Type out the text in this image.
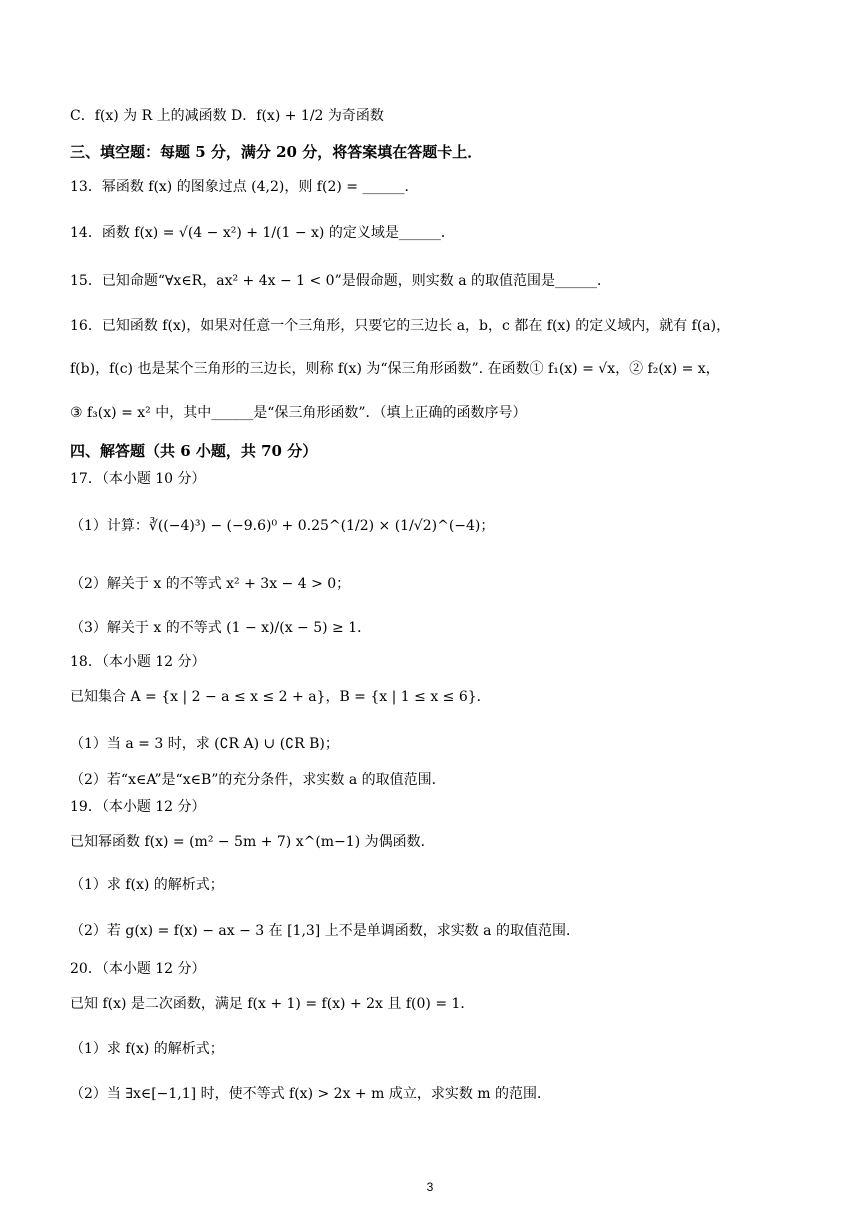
C．f(x) 为 R 上的减函数 D．f(x) + 1/2 为奇函数
三、填空题：每题 5 分，满分 20 分，将答案填在答题卡上．
13．幂函数 f(x) 的图象过点 (4,2)，则 f(2) = ______．
14．函数 f(x) = √(4 − x²) + 1/(1 − x) 的定义域是______．
15．已知命题“∀x∈R，ax² + 4x − 1 < 0”是假命题，则实数 a 的取值范围是______．
16．已知函数 f(x)，如果对任意一个三角形，只要它的三边长 a，b，c 都在 f(x) 的定义域内，就有 f(a)，
f(b)，f(c) 也是某个三角形的三边长，则称 f(x) 为“保三角形函数”. 在函数① f₁(x) = √x，② f₂(x) = x，
③ f₃(x) = x² 中，其中______是“保三角形函数”．（填上正确的函数序号）
四、解答题（共 6 小题，共 70 分）
17．（本小题 10 分）
（1）计算：∛((−4)³) − (−9.6)⁰ + 0.25^(1/2) × (1/√2)^(−4)；
（2）解关于 x 的不等式 x² + 3x − 4 > 0；
（3）解关于 x 的不等式 (1 − x)/(x − 5) ≥ 1．
18．（本小题 12 分）
已知集合 A = {x | 2 − a ≤ x ≤ 2 + a}，B = {x | 1 ≤ x ≤ 6}．
（1）当 a = 3 时，求 (∁R A) ∪ (∁R B)；
（2）若“x∈A”是“x∈B”的充分条件，求实数 a 的取值范围．
19．（本小题 12 分）
已知幂函数 f(x) = (m² − 5m + 7) x^(m−1) 为偶函数．
（1）求 f(x) 的解析式；
（2）若 g(x) = f(x) − ax − 3 在 [1,3] 上不是单调函数，求实数 a 的取值范围．
20．（本小题 12 分）
已知 f(x) 是二次函数，满足 f(x + 1) = f(x) + 2x 且 f(0) = 1．
（1）求 f(x) 的解析式；
（2）当 ∃x∈[−1,1] 时，使不等式 f(x) > 2x + m 成立，求实数 m 的范围．
3
